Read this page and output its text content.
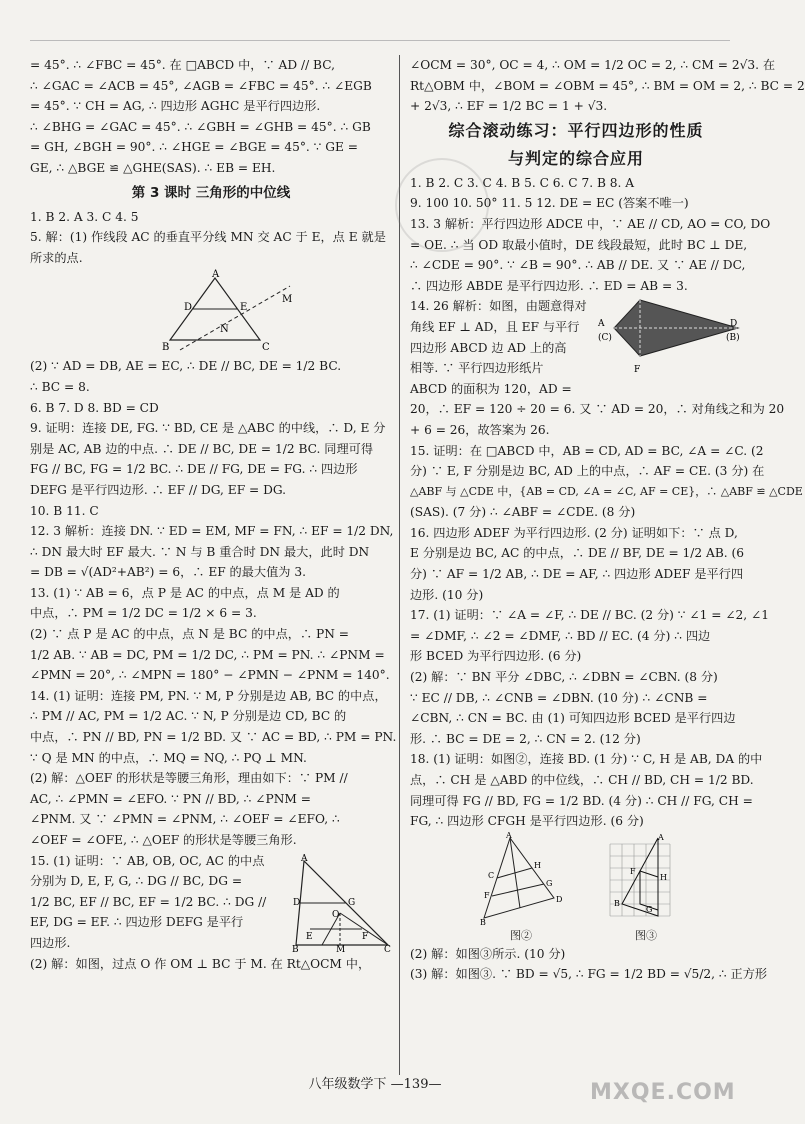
= 45°. ∴ ∠FBC = 45°. 在 □ABCD 中，∵ AD // BC,
∴ ∠GAC = ∠ACB = 45°, ∠AGB = ∠FBC = 45°. ∴ ∠EGB
= 45°. ∵ CH = AG, ∴ 四边形 AGHC 是平行四边形.
∴ ∠BHG = ∠GAC = 45°. ∴ ∠GBH = ∠GHB = 45°. ∴ GB
= GH, ∠BGH = 90°. ∴ ∠HGE = ∠BGE = 45°. ∵ GE =
GE, ∴ △BGE ≌ △GHE(SAS). ∴ EB = EH.
第 3 课时 三角形的中位线
1. B 2. A 3. C 4. 5
5. 解：(1) 作线段 AC 的垂直平分线 MN 交 AC 于 E，点 E 就是
所求的点.
A
D	E
B	C
M
N
(2) ∵ AD = DB, AE = EC, ∴ DE // BC, DE = 1/2 BC.
∴ BC = 8.
6. B 7. D 8. BD = CD
9. 证明：连接 DE, FG. ∵ BD, CE 是 △ABC 的中线，∴ D, E 分
别是 AC, AB 边的中点. ∴ DE // BC, DE = 1/2 BC. 同理可得
FG // BC, FG = 1/2 BC. ∴ DE // FG, DE = FG. ∴ 四边形
DEFG 是平行四边形. ∴ EF // DG, EF = DG.
10. B 11. C
12. 3 解析：连接 DN. ∵ ED = EM, MF = FN, ∴ EF = 1/2 DN,
∴ DN 最大时 EF 最大. ∵ N 与 B 重合时 DN 最大，此时 DN
= DB = √(AD²+AB²) = 6，∴ EF 的最大值为 3.
13. (1) ∵ AB = 6，点 P 是 AC 的中点，点 M 是 AD 的
中点，∴ PM = 1/2 DC = 1/2 × 6 = 3.
(2) ∵ 点 P 是 AC 的中点，点 N 是 BC 的中点，∴ PN =
1/2 AB. ∵ AB = DC, PM = 1/2 DC, ∴ PM = PN. ∴ ∠PNM =
∠PMN = 20°, ∴ ∠MPN = 180° − ∠PMN − ∠PNM = 140°.
14. (1) 证明：连接 PM, PN. ∵ M, P 分别是边 AB, BC 的中点，
∴ PM // AC, PM = 1/2 AC. ∵ N, P 分别是边 CD, BC 的
中点，∴ PN // BD, PN = 1/2 BD. 又 ∵ AC = BD, ∴ PM = PN.
∵ Q 是 MN 的中点，∴ MQ = NQ, ∴ PQ ⊥ MN.
(2) 解：△OEF 的形状是等腰三角形，理由如下：∵ PM //
AC, ∴ ∠PMN = ∠EFO. ∵ PN // BD, ∴ ∠PNM =
∠PNM. 又 ∵ ∠PMN = ∠PNM, ∴ ∠OEF = ∠EFO, ∴
∠OEF = ∠OFE, ∴ △OEF 的形状是等腰三角形.
15. (1) 证明：∵ AB, OB, OC, AC 的中点
分别为 D, E, F, G, ∴ DG // BC, DG =
1/2 BC, EF // BC, EF = 1/2 BC. ∴ DG //
EF, DG = EF. ∴ 四边形 DEFG 是平行
四边形.
A
B	C
D	G
O
E	F
M
(2) 解：如图，过点 O 作 OM ⊥ BC 于 M. 在 Rt△OCM 中，
∠OCM = 30°, OC = 4, ∴ OM = 1/2 OC = 2, ∴ CM = 2√3. 在
Rt△OBM 中，∠BOM = ∠OBM = 45°, ∴ BM = OM = 2, ∴ BC = 2
+ 2√3, ∴ EF = 1/2 BC = 1 + √3.
综合滚动练习：平行四边形的性质
与判定的综合应用
1. B 2. C 3. C 4. B 5. C 6. C 7. B 8. A
9. 100 10. 50° 11. 5 12. DE = EC (答案不唯一)
13. 3 解析：平行四边形 ADCE 中，∵ AE // CD, AO = CO, DO
= OE. ∴ 当 OD 取最小值时，DE 线段最短，此时 BC ⊥ DE,
∴ ∠CDE = 90°. ∵ ∠B = 90°. ∴ AB // DE. 又 ∵ AE // DC,
∴ 四边形 ABDE 是平行四边形. ∴ ED = AB = 3.
14. 26 解析：如图，由题意得对
角线 EF ⊥ AD，且 EF 与平行
四边形 ABCD 边 AD 上的高
相等. ∵ 平行四边形纸片
ABCD 的面积为 120，AD =
A
(C)
D
(B)
F
20，∴ EF = 120 ÷ 20 = 6. 又 ∵ AD = 20，∴ 对角线之和为 20
+ 6 = 26，故答案为 26.
15. 证明：在 □ABCD 中，AB = CD, AD = BC, ∠A = ∠C. (2
分) ∵ E, F 分别是边 BC, AD 上的中点，∴ AF = CE. (3 分) 在
△ABF 与 △CDE 中，{AB = CD, ∠A = ∠C, AF = CE}，∴ △ABF ≌ △CDE
(SAS). (7 分) ∴ ∠ABF = ∠CDE. (8 分)
16. 四边形 ADEF 为平行四边形. (2 分) 证明如下：∵ 点 D,
E 分别是边 BC, AC 的中点，∴ DE // BF, DE = 1/2 AB. (6
分) ∵ AF = 1/2 AB, ∴ DE = AF, ∴ 四边形 ADEF 是平行四
边形. (10 分)
17. (1) 证明：∵ ∠A = ∠F, ∴ DE // BC. (2 分) ∵ ∠1 = ∠2, ∠1
= ∠DMF, ∴ ∠2 = ∠DMF, ∴ BD // EC. (4 分) ∴ 四边
形 BCED 为平行四边形. (6 分)
(2) 解：∵ BN 平分 ∠DBC, ∴ ∠DBN = ∠CBN. (8 分)
∵ EC // DB, ∴ ∠CNB = ∠DBN. (10 分) ∴ ∠CNB =
∠CBN, ∴ CN = BC. 由 (1) 可知四边形 BCED 是平行四边
形. ∴ BC = DE = 2, ∴ CN = 2. (12 分)
18. (1) 证明：如图②，连接 BD. (1 分) ∵ C, H 是 AB, DA 的中
点，∴ CH 是 △ABD 的中位线，∴ CH // BD, CH = 1/2 BD.
同理可得 FG // BD, FG = 1/2 BD. (4 分) ∴ CH // FG, CH =
FG, ∴ 四边形 CFGH 是平行四边形. (6 分)
A
B
D
C
H
F
G
图②
A
B
F
H
G
图③
(2) 解：如图③所示. (10 分)
(3) 解：如图③. ∵ BD = √5, ∴ FG = 1/2 BD = √5/2, ∴ 正方形
八年级数学下 —139—	MXQE.COM
